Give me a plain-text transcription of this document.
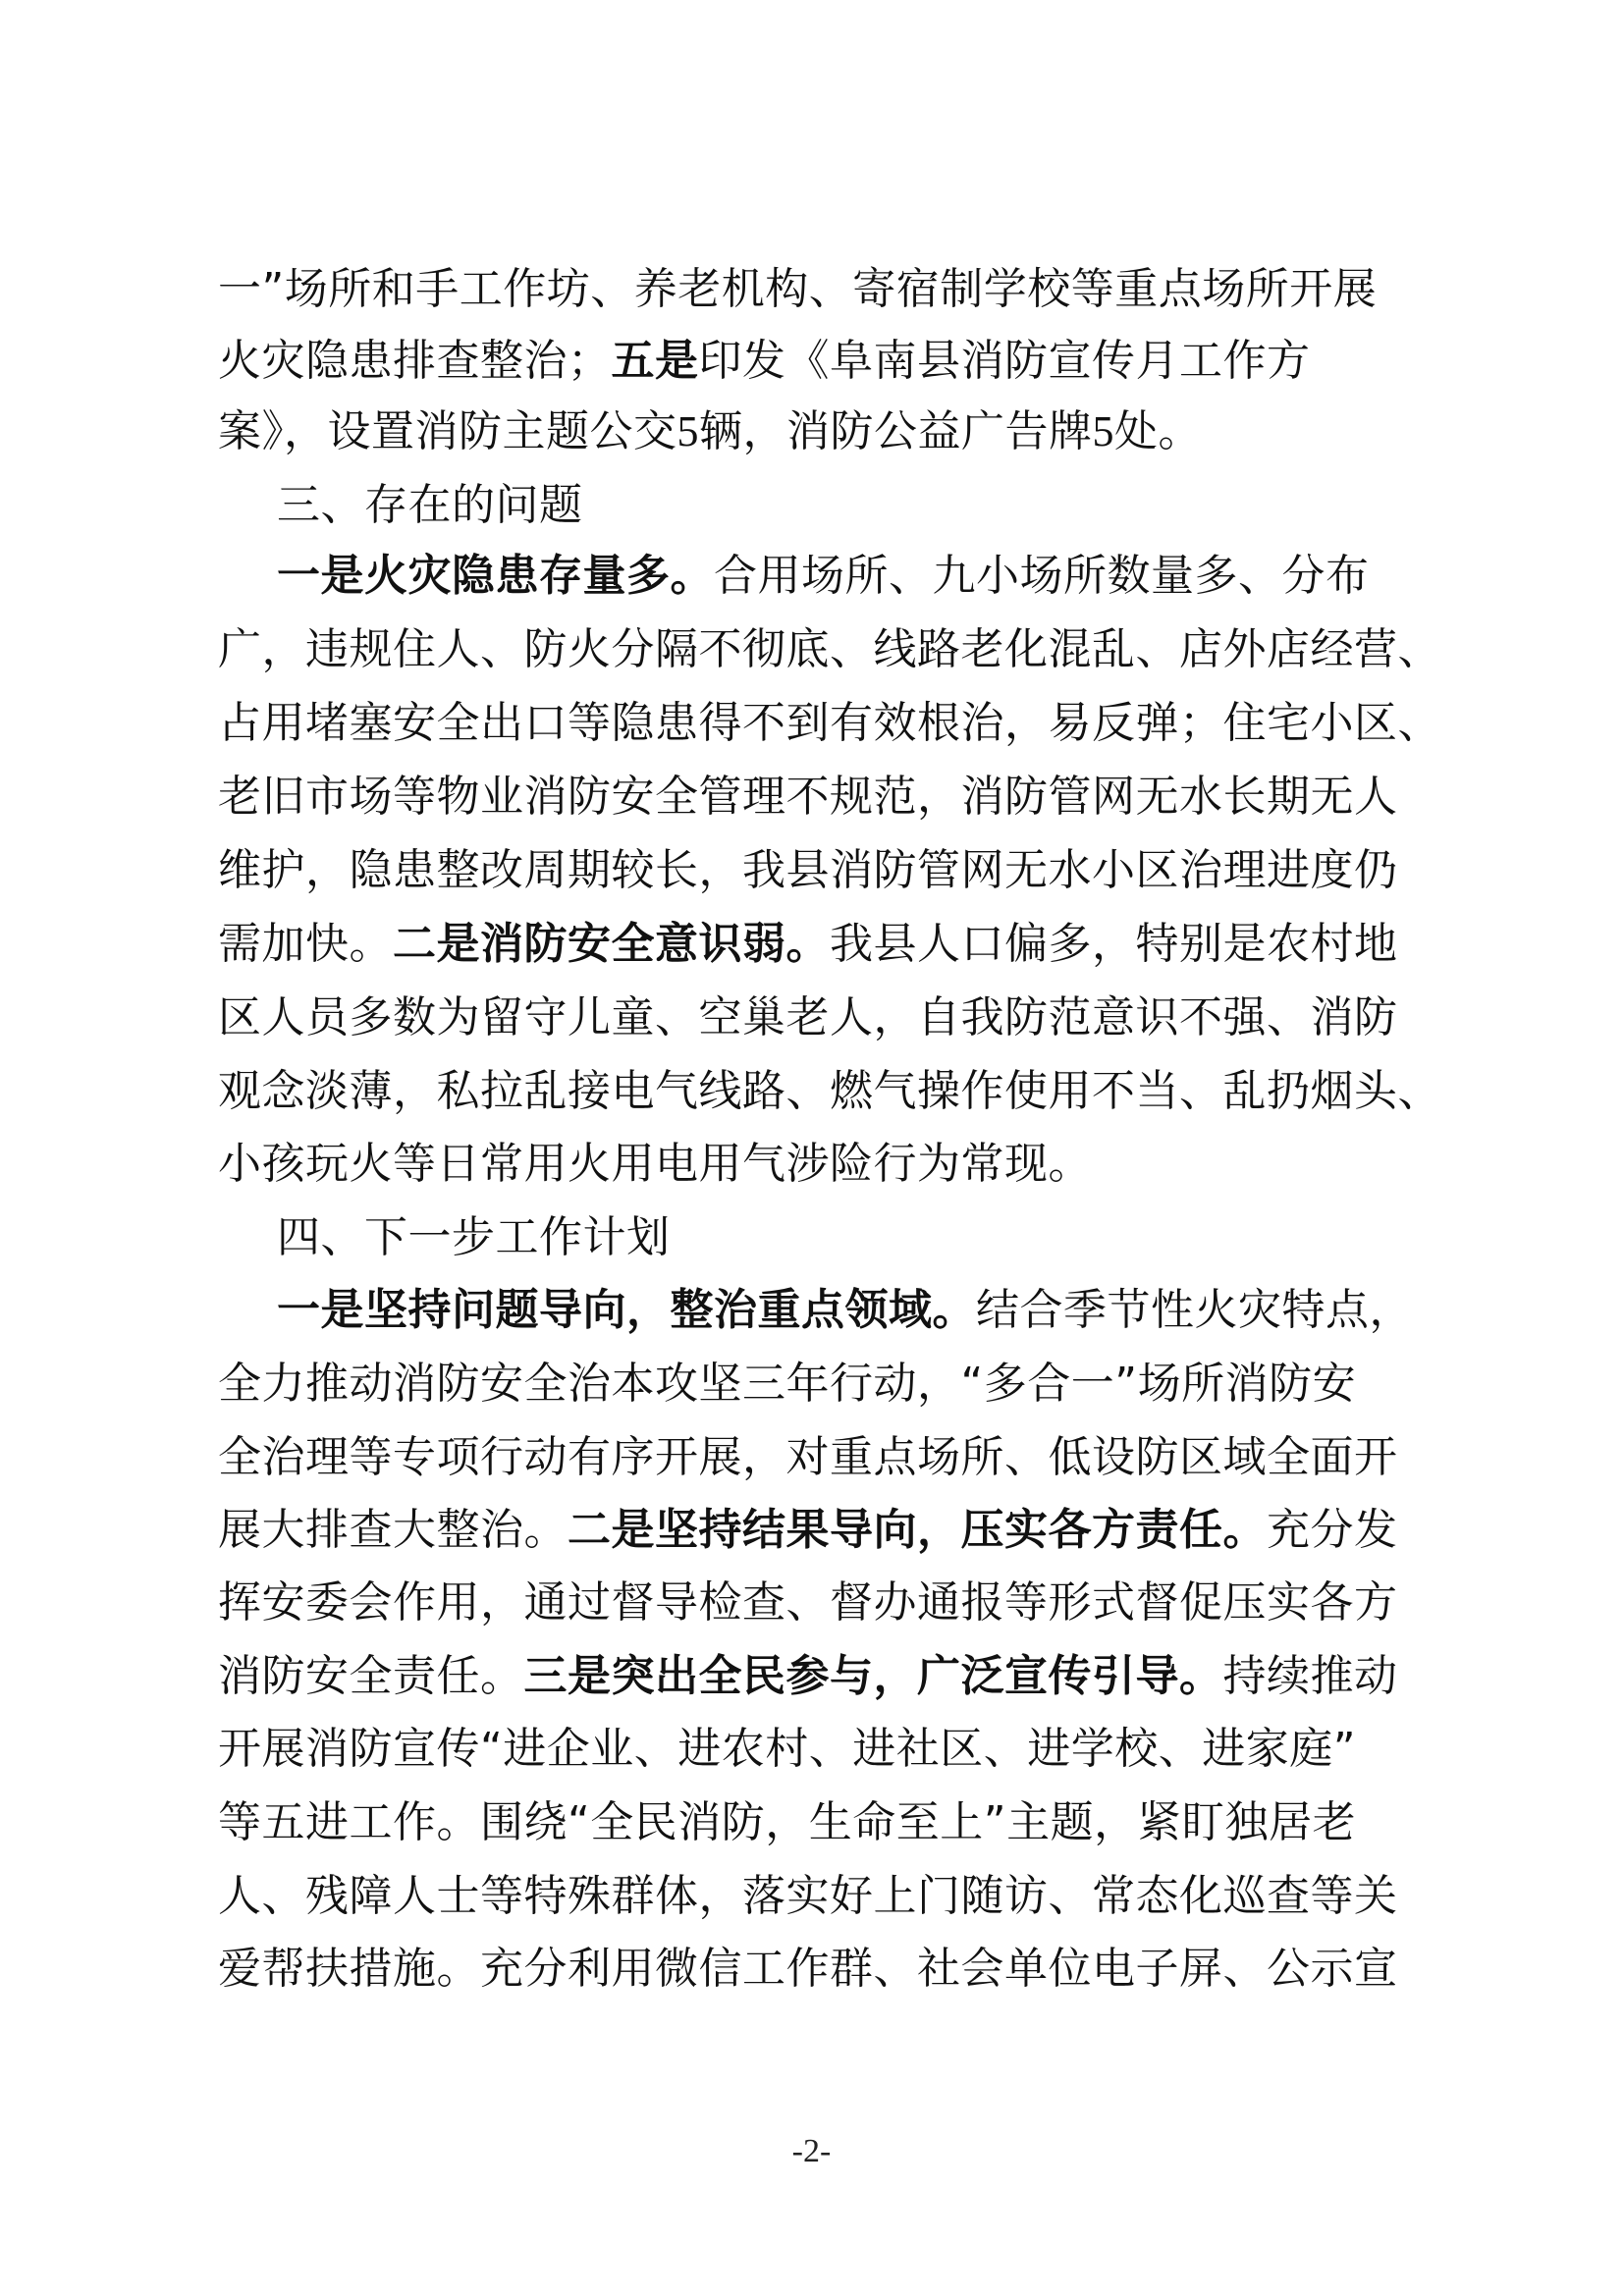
一”场所和手工作坊、养老机构、寄宿制学校等重点场所开展
火灾隐患排查整治；五是印发《阜南县消防宣传月工作方
案》，设置消防主题公交5辆，消防公益广告牌5处。
三、存在的问题
一是火灾隐患存量多。合用场所、九小场所数量多、分布
广，违规住人、防火分隔不彻底、线路老化混乱、店外店经营、
占用堵塞安全出口等隐患得不到有效根治，易反弹；住宅小区、
老旧市场等物业消防安全管理不规范，消防管网无水长期无人
维护，隐患整改周期较长，我县消防管网无水小区治理进度仍
需加快。二是消防安全意识弱。我县人口偏多，特别是农村地
区人员多数为留守儿童、空巢老人，自我防范意识不强、消防
观念淡薄，私拉乱接电气线路、燃气操作使用不当、乱扔烟头、
小孩玩火等日常用火用电用气涉险行为常现。
四、下一步工作计划
一是坚持问题导向，整治重点领域。结合季节性火灾特点，
全力推动消防安全治本攻坚三年行动，“多合一”场所消防安
全治理等专项行动有序开展，对重点场所、低设防区域全面开
展大排查大整治。二是坚持结果导向，压实各方责任。充分发
挥安委会作用，通过督导检查、督办通报等形式督促压实各方
消防安全责任。三是突出全民参与，广泛宣传引导。持续推动
开展消防宣传“进企业、进农村、进社区、进学校、进家庭”
等五进工作。围绕“全民消防，生命至上”主题，紧盯独居老
人、残障人士等特殊群体，落实好上门随访、常态化巡查等关
爱帮扶措施。充分利用微信工作群、社会单位电子屏、公示宣
-2-
